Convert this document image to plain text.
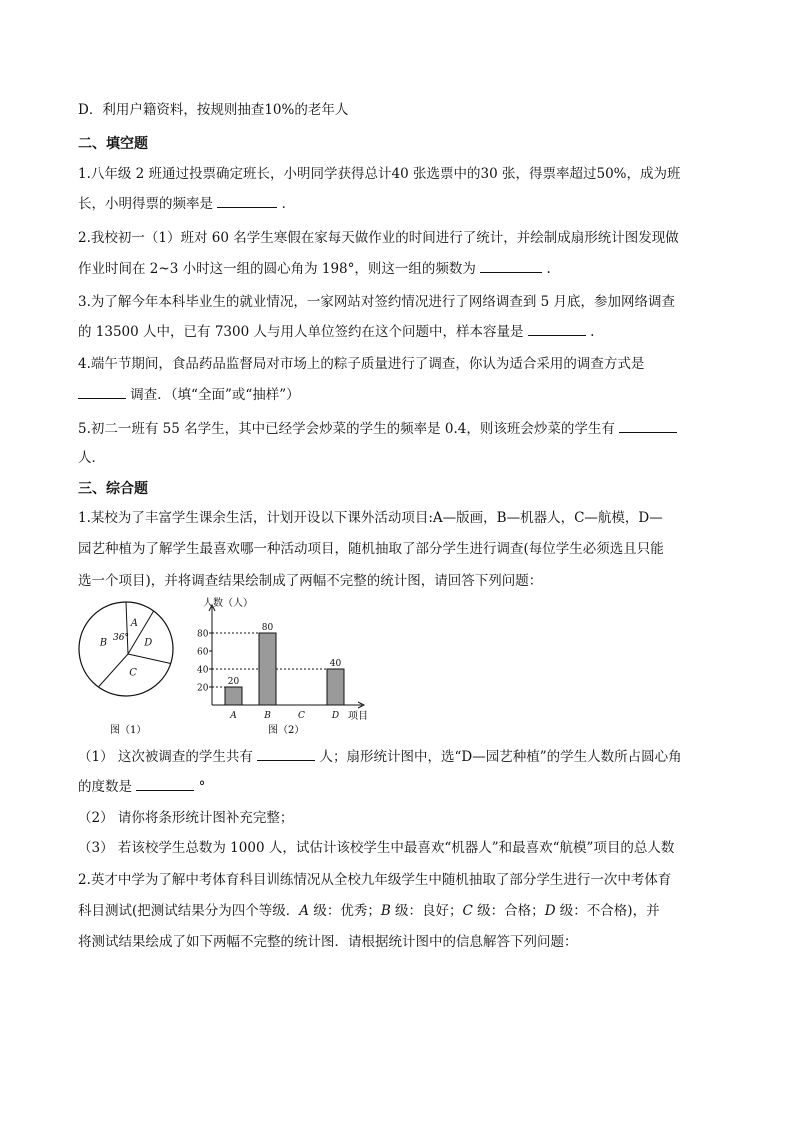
D．利用户籍资料，按规则抽查10%的老年人
二、填空题
1.八年级 2 班通过投票确定班长，小明同学获得总计40 张选票中的30 张，得票率超过50%，成为班
长，小明得票的频率是	．
2.我校初一（1）班对 60 名学生寒假在家每天做作业的时间进行了统计，并绘制成扇形统计图发现做
作业时间在 2~3 小时这一组的圆心角为 198°，则这一组的频数为	.
3.为了解今年本科毕业生的就业情况，一家网站对签约情况进行了网络调查到 5 月底，参加网络调查
的 13500 人中，已有 7300 人与用人单位签约在这个问题中，样本容量是	.
4.端午节期间，食品药品监督局对市场上的粽子质量进行了调查，你认为适合采用的调查方式是
调查．（填“全面”或“抽样”）
5.初二一班有 55 名学生，其中已经学会炒菜的学生的频率是 0.4，则该班会炒菜的学生有
人．
三、综合题
1.某校为了丰富学生课余生活，计划开设以下课外活动项目:A—版画，B—机器人，C—航模，D—
园艺种植为了解学生最喜欢哪一种活动项目，随机抽取了部分学生进行调查(每位学生必须选且只能
选一个项目)，并将调查结果绘制成了两幅不完整的统计图，请回答下列问题：
A
D
C
B 36°
图（1）
人数（人）
项目
图（2）
20
40
60
80
20
A
80
B	C
40
D
（1） 这次被调查的学生共有	人；扇形统计图中，选“D—园艺种植”的学生人数所占圆心角
的度数是	°
（2） 请你将条形统计图补充完整；
（3） 若该校学生总数为 1000 人，试估计该校学生中最喜欢“机器人”和最喜欢“航模”项目的总人数
2.英才中学为了解中考体育科目训练情况从全校九年级学生中随机抽取了部分学生进行一次中考体育
科目测试(把测试结果分为四个等级．A 级：优秀；B 级：良好；C 级：合格；D 级：不合格)，并
将测试结果绘成了如下两幅不完整的统计图．请根据统计图中的信息解答下列问题：
